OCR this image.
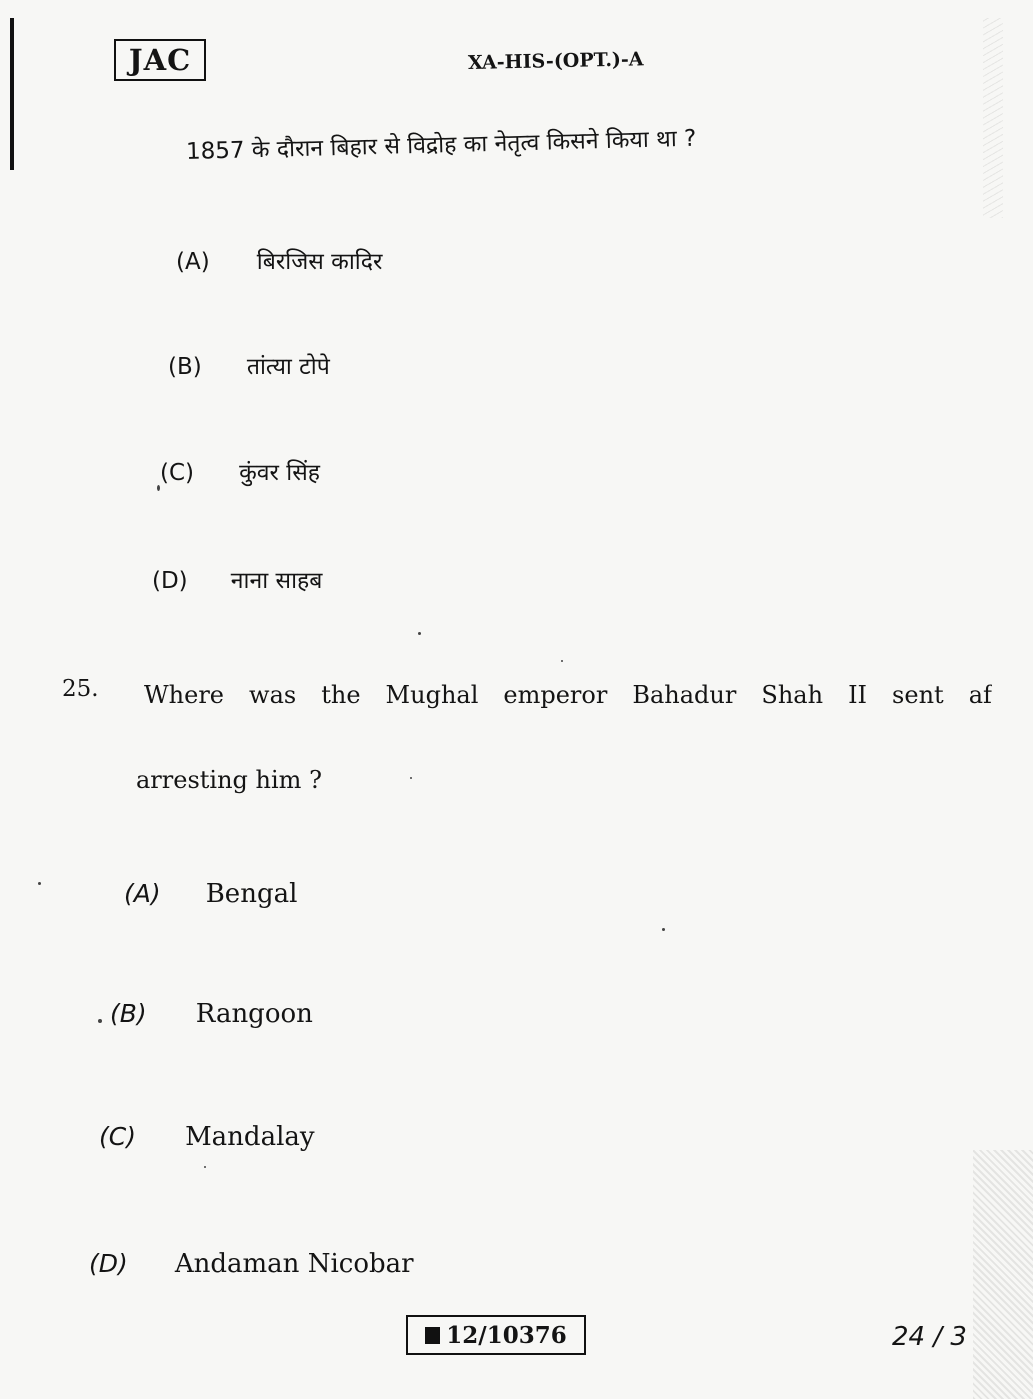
JAC	XA-HIS-(OPT.)-A
1857 के दौरान बिहार से विद्रोह का नेतृत्व किसने किया था ?
(A) बिरजिस कादिर
(B) तांत्या टोपे
(C) कुंवर सिंह
(D) नाना साहब
25. Where was the Mughal emperor Bahadur Shah II sent af
arresting him ?
(A) Bengal
(B) Rangoon
(C) Mandalay
(D) Andaman Nicobar
12/10376	24 / 3
